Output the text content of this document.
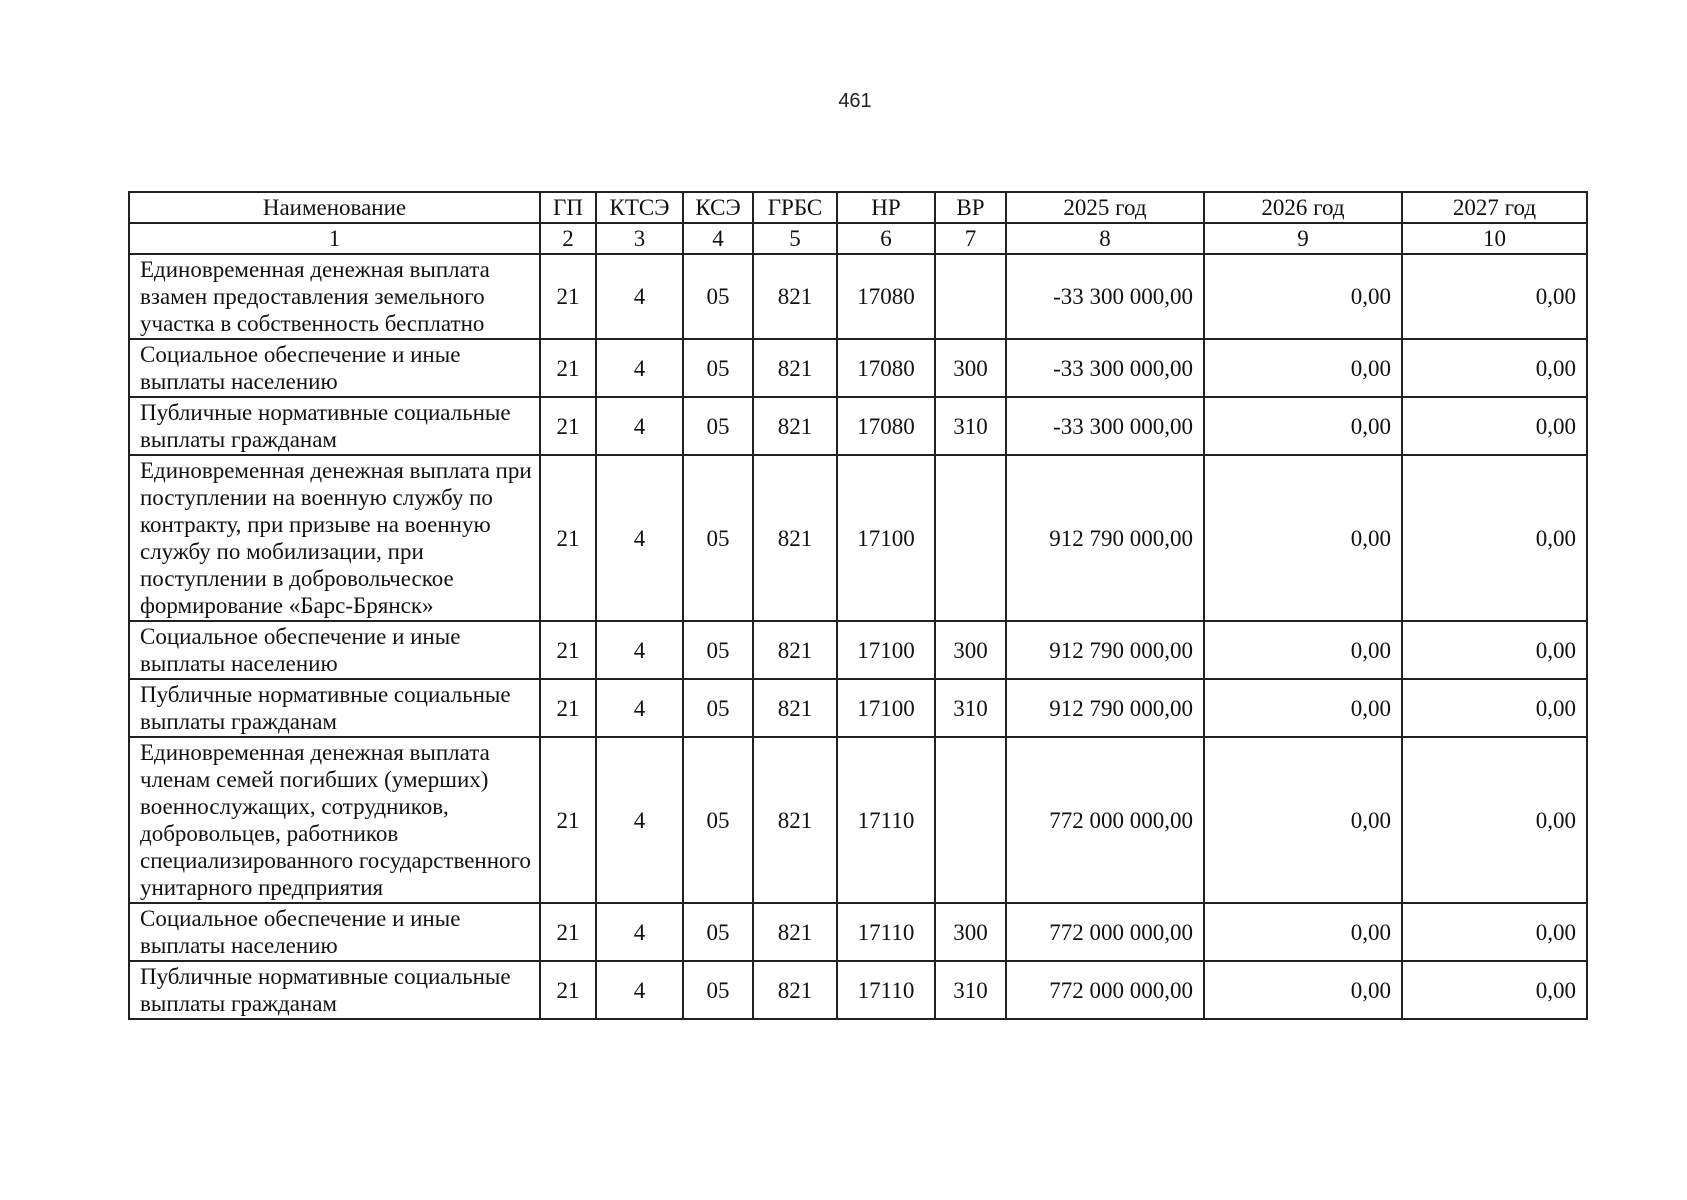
461
Наименование	ГП	КТСЭ	КСЭ	ГРБС	НР	ВР	2025 год	2026 год	2027 год
1	2	3	4	5	6	7	8	9	10
Единовременная денежная выплата взамен предоставления земельного участка в собственность бесплатно	21	4	05	821	17080		-33 300 000,00	0,00	0,00
Социальное обеспечение и иные выплаты населению	21	4	05	821	17080	300	-33 300 000,00	0,00	0,00
Публичные нормативные социальные выплаты гражданам	21	4	05	821	17080	310	-33 300 000,00	0,00	0,00
Единовременная денежная выплата при поступлении на военную службу по контракту, при призыве на военную службу по мобилизации, при поступлении в добровольческое формирование «Барс-Брянск»	21	4	05	821	17100		912 790 000,00	0,00	0,00
Социальное обеспечение и иные выплаты населению	21	4	05	821	17100	300	912 790 000,00	0,00	0,00
Публичные нормативные социальные выплаты гражданам	21	4	05	821	17100	310	912 790 000,00	0,00	0,00
Единовременная денежная выплата членам семей погибших (умерших) военнослужащих, сотрудников, добровольцев, работников специализированного государственного унитарного предприятия	21	4	05	821	17110		772 000 000,00	0,00	0,00
Социальное обеспечение и иные выплаты населению	21	4	05	821	17110	300	772 000 000,00	0,00	0,00
Публичные нормативные социальные выплаты гражданам	21	4	05	821	17110	310	772 000 000,00	0,00	0,00
